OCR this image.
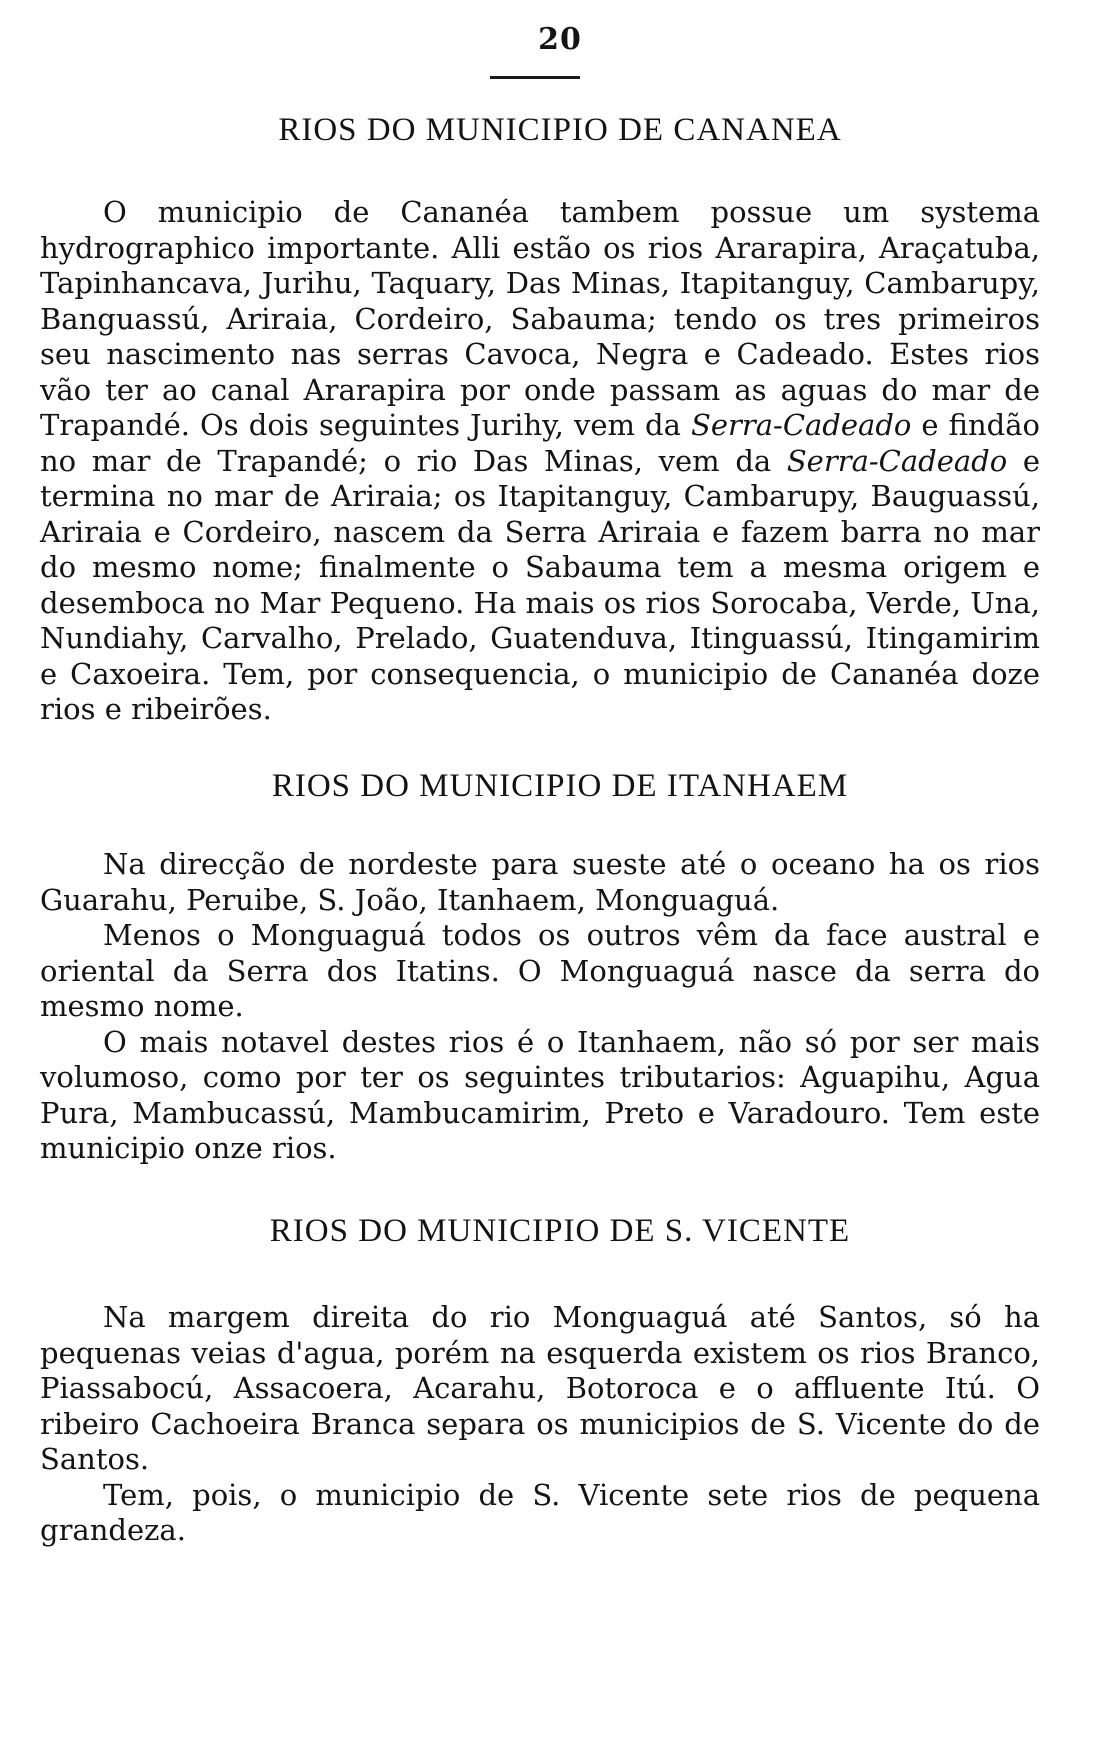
20
RIOS DO MUNICIPIO DE CANANEA

O municipio de Cananéa tambem possue um systema hydrographico importante. Alli estão os rios Ararapira, Araçatuba, Tapinhancava, Jurihu, Taquary, Das Minas, Itapitanguy, Cambarupy, Banguassú, Ariraia, Cordeiro, Sabauma; tendo os tres primeiros seu nascimento nas serras Cavoca, Negra e Cadeado. Estes rios vão ter ao canal Ararapira por onde passam as aguas do mar de Trapandé. Os dois seguintes Jurihy, vem da Serra-Cadeado e findão no mar de Trapandé; o rio Das Minas, vem da Serra-Cadeado e termina no mar de Ariraia; os Itapitanguy, Cambarupy, Bauguassú, Ariraia e Cordeiro, nascem da Serra Ariraia e fazem barra no mar do mesmo nome; finalmente o Sabauma tem a mesma origem e desemboca no Mar Pequeno. Ha mais os rios Sorocaba, Verde, Una, Nundiahy, Carvalho, Prelado, Guatenduva, Itinguassú, Itingamirim e Caxoeira. Tem, por consequencia, o municipio de Cananéa doze rios e ribeirões.

RIOS DO MUNICIPIO DE ITANHAEM

Na direcção de nordeste para sueste até o oceano ha os rios Guarahu, Peruibe, S. João, Itanhaem, Monguaguá.

Menos o Monguaguá todos os outros vêm da face austral e oriental da Serra dos Itatins. O Monguaguá nasce da serra do mesmo nome.

O mais notavel destes rios é o Itanhaem, não só por ser mais volumoso, como por ter os seguintes tributarios: Aguapihu, Agua Pura, Mambucassú, Mambucamirim, Preto e Varadouro. Tem este municipio onze rios.

RIOS DO MUNICIPIO DE S. VICENTE

Na margem direita do rio Monguaguá até Santos, só ha pequenas veias d'agua, porém na esquerda existem os rios Branco, Piassabocú, Assacoera, Acarahu, Botoroca e o affluente Itú. O ribeiro Cachoeira Branca separa os municipios de S. Vicente do de Santos.

Tem, pois, o municipio de S. Vicente sete rios de pequena grandeza.
